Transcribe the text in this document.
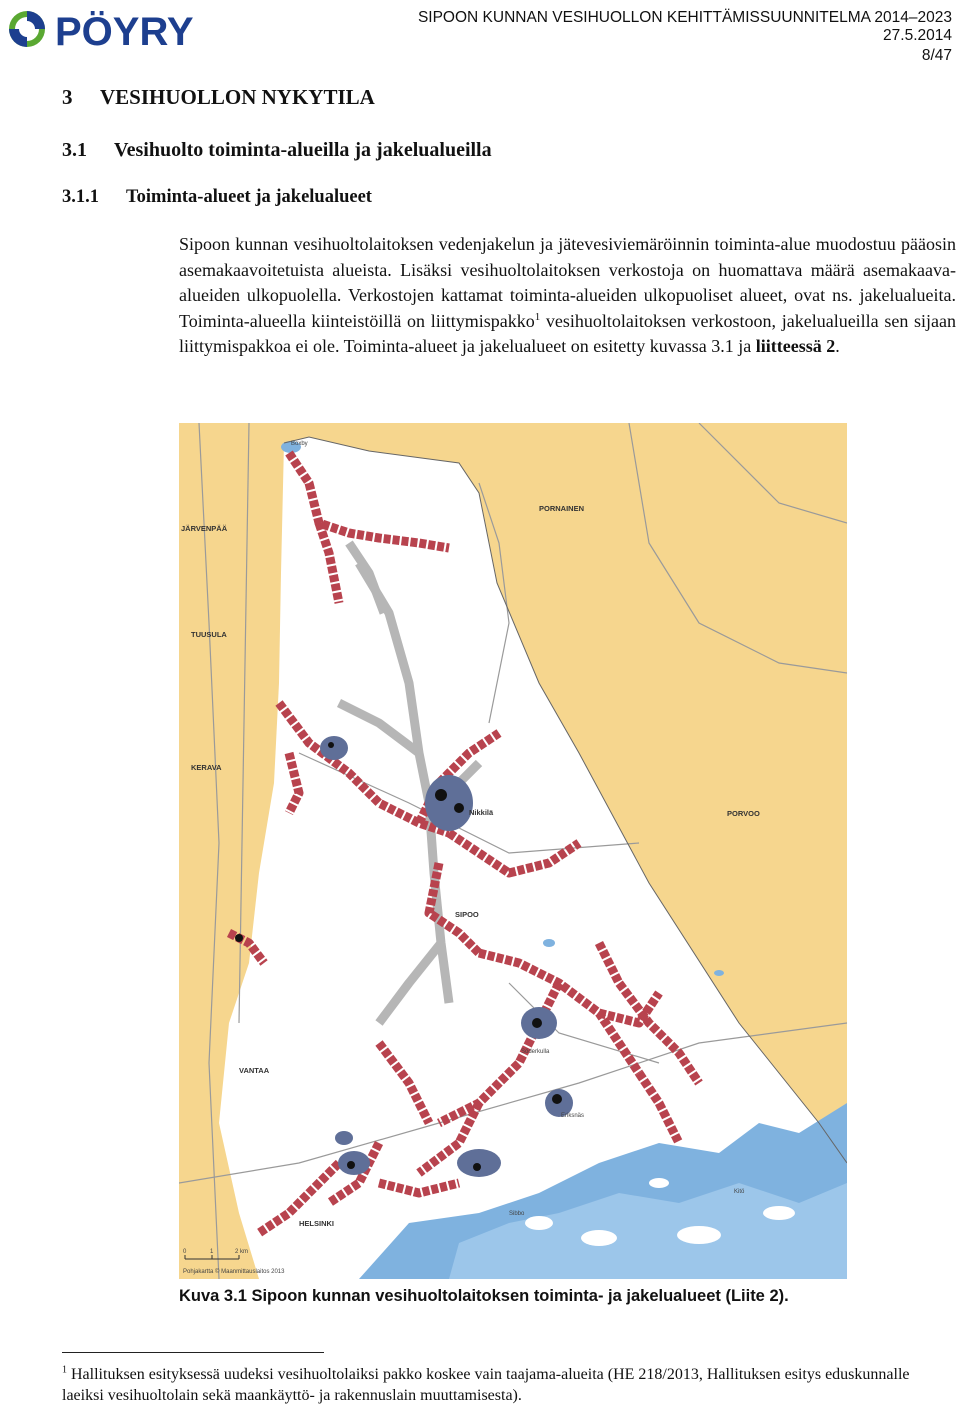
PÖYRY	SIPOON KUNNAN VESIHUOLLON KEHITTÄMISSUUNNITELMA 2014–2023
27.5.2014
8/47
3 VESIHUOLLON NYKYTILA
3.1 Vesihuolto toiminta-alueilla ja jakelualueilla
3.1.1 Toiminta-alueet ja jakelualueet
Sipoon kunnan vesihuoltolaitoksen vedenjakelun ja jätevesiviemäröinnin toiminta-alue muodostuu pääosin asemakaavoitetuista alueista. Lisäksi vesihuoltolaitoksen verkostoja on huomattava määrä asemakaava-alueiden ulkopuolella. Verkostojen kattamat toiminta-alueiden ulkopuoliset alueet, ovat ns. jakelualueita. Toiminta-alueella kiinteistöillä on liittymispakko$^1$ vesihuoltolaitoksen verkostoon, jakelualueilla sen sijaan liittymispakkoa ei ole. Toiminta-alueet ja jakelualueet on esitetty kuvassa 3.1 ja liitteessä 2.
PORNAINEN
JÄRVENPÄÄ
TUUSULA
KERAVA
PORVOO
Nikkilä
SIPOO
VANTAA
HELSINKI
Söderkulla
Eriksnäs
Kitö
Sibbo
Boxby
0	1	2 km
Pohjakartta © Maanmittauslaitos 2013
Kuva 3.1 Sipoon kunnan vesihuoltolaitoksen toiminta- ja jakelualueet (Liite 2).
$^1$ Hallituksen esityksessä uudeksi vesihuoltolaiksi pakko koskee vain taajama-alueita (HE 218/2013, Hallituksen esitys eduskunnalle laeiksi vesihuoltolain sekä maankäyttö- ja rakennuslain muuttamisesta).
